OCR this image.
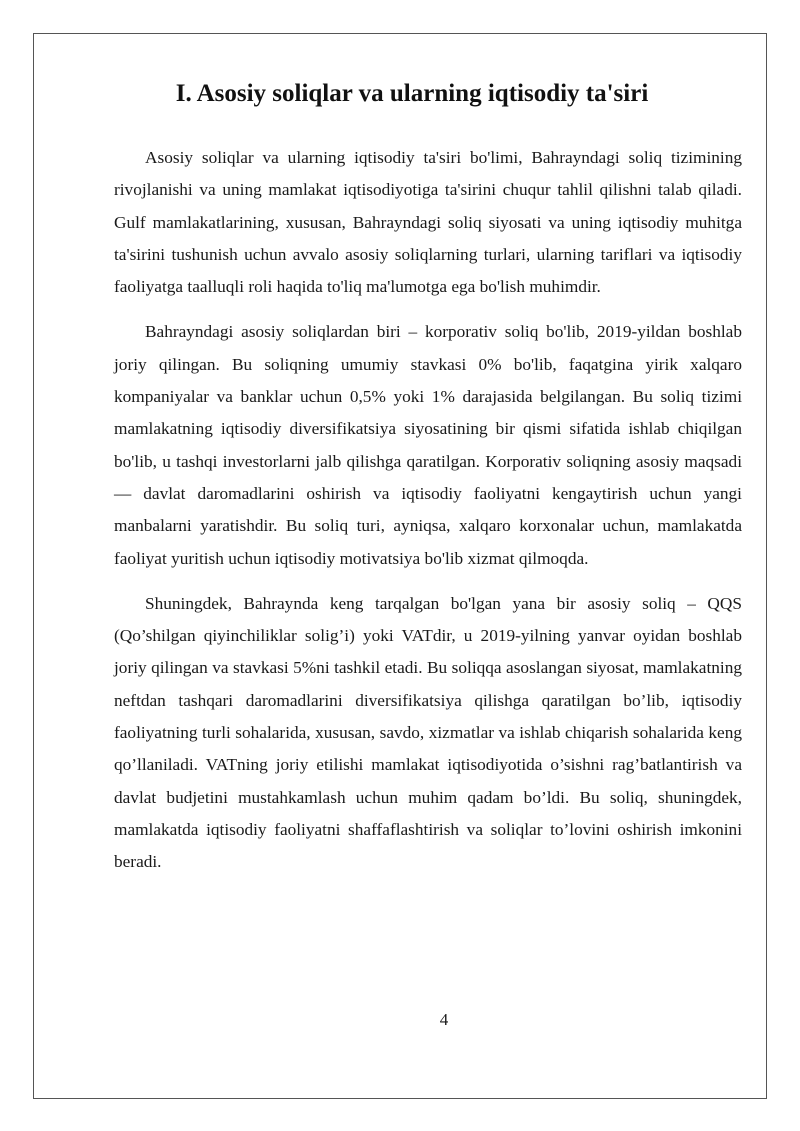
I. Asosiy soliqlar va ularning iqtisodiy ta'siri

Asosiy soliqlar va ularning iqtisodiy ta'siri bo'limi, Bahrayndagi soliq tizimining rivojlanishi va uning mamlakat iqtisodiyotiga ta'sirini chuqur tahlil qilishni talab qiladi. Gulf mamlakatlarining, xususan, Bahrayndagi soliq siyosati va uning iqtisodiy muhitga ta'sirini tushunish uchun avvalo asosiy soliqlarning turlari, ularning tariflari va iqtisodiy faoliyatga taalluqli roli haqida to'liq ma'lumotga ega bo'lish muhimdir.

Bahrayndagi asosiy soliqlardan biri – korporativ soliq bo'lib, 2019-yildan boshlab joriy qilingan. Bu soliqning umumiy stavkasi 0% bo'lib, faqatgina yirik xalqaro kompaniyalar va banklar uchun 0,5% yoki 1% darajasida belgilangan. Bu soliq tizimi mamlakatning iqtisodiy diversifikatsiya siyosatining bir qismi sifatida ishlab chiqilgan bo'lib, u tashqi investorlarni jalb qilishga qaratilgan. Korporativ soliqning asosiy maqsadi — davlat daromadlarini oshirish va iqtisodiy faoliyatni kengaytirish uchun yangi manbalarni yaratishdir. Bu soliq turi, ayniqsa, xalqaro korxonalar uchun, mamlakatda faoliyat yuritish uchun iqtisodiy motivatsiya bo'lib xizmat qilmoqda.

Shuningdek, Bahraynda keng tarqalgan bo'lgan yana bir asosiy soliq – QQS (Qo’shilgan qiyinchiliklar solig’i) yoki VATdir, u 2019-yilning yanvar oyidan boshlab joriy qilingan va stavkasi 5%ni tashkil etadi. Bu soliqqa asoslangan siyosat, mamlakatning neftdan tashqari daromadlarini diversifikatsiya qilishga qaratilgan bo’lib, iqtisodiy faoliyatning turli sohalarida, xususan, savdo, xizmatlar va ishlab chiqarish sohalarida keng qo’llaniladi. VATning joriy etilishi mamlakat iqtisodiyotida o’sishni rag’batlantirish va davlat budjetini mustahkamlash uchun muhim qadam bo’ldi. Bu soliq, shuningdek, mamlakatda iqtisodiy faoliyatni shaffaflashtirish va soliqlar to’lovini oshirish imkonini beradi.

4
